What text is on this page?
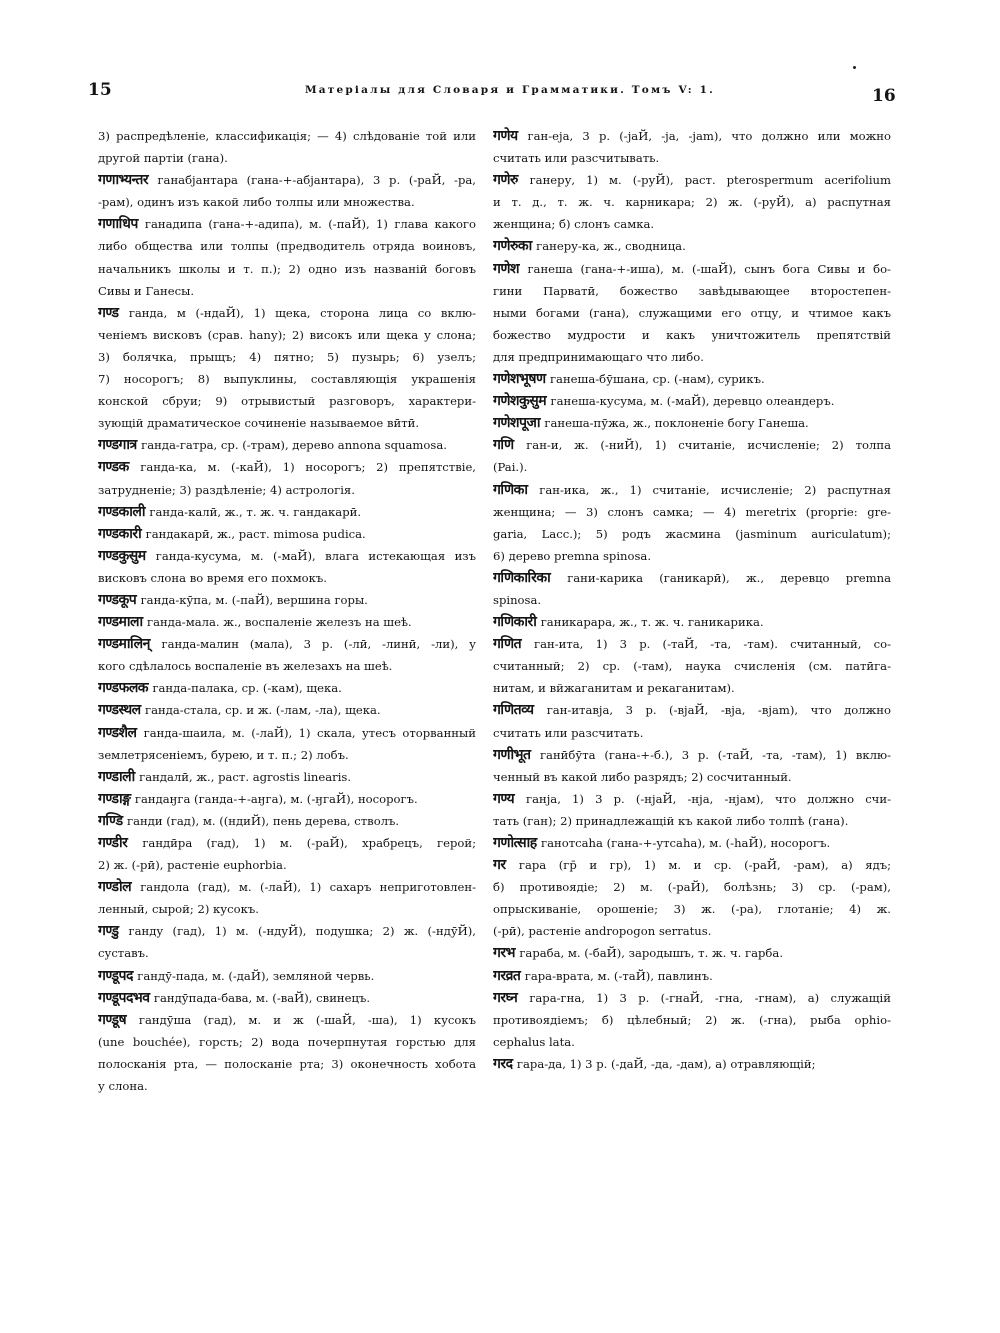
15	Матеріалы для Словаря и Грамматики. Томъ V: 1.	16
3) распредѣленіе, классификація; — 4) слѣдованіе той или
другой партіи (гана).
गणाभ्यन्तर ганабjантара (гана-+-абjантара), 3 р. (-раЙ, -ра,
-рам), одинъ изъ какой либо толпы или множества.
गणाधिप ганадипа (гана-+-адипа), м. (-паЙ), 1) глава какого
либо общества или толпы (предводитель отряда воиновъ,
начальникъ школы и т. п.); 2) одно изъ названій боговъ
Сивы и Ганесы.
गण्ड ганда, м (-ндаЙ), 1) щека, сторона лица со вклю-
ченіемъ висковъ (срав. hаnу); 2) високъ или щека у слона;
3) болячка, прыщъ; 4) пятно; 5) пузырь; 6) узелъ;
7) носорогъ; 8) выпуклины, составляющія украшенія
конской сбруи; 9) отрывистый разговоръ, характери-
зующій драматическое сочиненіе называемое вӣтӣ.
गण्डगात्र ганда-гатра, ср. (-трам), дерево annona squamosa.
गण्डक ганда-ка, м. (-каЙ), 1) носорогъ; 2) препятствіе,
затрудненіе; 3) раздѣленіе; 4) астрологія.
गण्डकाली ганда-калӣ, ж., т. ж. ч. гандакарӣ.
गण्डकारी гандакарӣ, ж., раст. mimosa pudica.
गण्डकुसुम ганда-кусума, м. (-маЙ), влага истекающая изъ
висковъ слона во время его похмокъ.
गण्डकूप ганда-кӯпа, м. (-паЙ), вершина горы.
गण्डमाला ганда-мала. ж., воспаленіе железъ на шеѣ.
गण्डमालिन् ганда-малин (мала), 3 р. (-лӣ, -линӣ, -ли), у
кого сдѣлалось воспаленіе въ железахъ на шеѣ.
गण्डफलक ганда-палака, ср. (-кам), щека.
गण्डस्थल ганда-стала, ср. и ж. (-лам, -ла), щека.
गण्डशैल ганда-шаила, м. (-лаЙ), 1) скала, утесъ оторванный
землетрясеніемъ, бурею, и т. п.; 2) лобъ.
गण्डाली гандалӣ, ж., раст. agrostis linearis.
गण्डाङ्ग гандаӈга (ганда-+-аӈга), м. (-ӈгаЙ), носорогъ.
गण्डि ганди (гад), м. ((ндиЙ), пень дерева, стволъ.
गण्डीर гандӣра (гад), 1) м. (-раЙ), храбрецъ, герой;
2) ж. (-рӣ), растеніе euphorbia.
गण्डोल гандола (гад), м. (-лаЙ), 1) сахаръ неприготовлен-
ленный, сырой; 2) кусокъ.
गण्डु ганду (гад), 1) м. (-ндуЙ), подушка; 2) ж. (-ндӯЙ),
суставъ.
गण्डूपद гандӯ-пада, м. (-даЙ), земляной червь.
गण्डूपदभव гандӯпада-бава, м. (-ваЙ), свинецъ.
गण्डूष гандӯша (гад), м. и ж (-шаЙ, -ша), 1) кусокъ
(une bouchée), горсть; 2) вода почерпнутая горстью для
полосканія рта, — полосканіе рта; 3) оконечность хобота
у слона.
गणेय ган-еja, 3 р. (-jaЙ, -ja, -jam), что должно или можно
считать или разсчитывать.
गणेरु ганеру, 1) м. (-руЙ), раст. pterospermum acerifolium
и т. д., т. ж. ч. карникара; 2) ж. (-руЙ), а) распутная
женщина; б) слонъ самка.
गणेरुका ганеру-ка, ж., сводница.
गणेश ганеша (гана-+-иша), м. (-шаЙ), сынъ бога Сивы и бо-
гини Парватӣ, божество завѣдывающее второстепен-
ными богами (гана), служащими его отцу, и чтимое какъ
божество мудрости и какъ уничтожитель препятствій
для предпринимающаго что либо.
गणेशभूषण ганеша-бӯшана, ср. (-нам), сурикъ.
गणेशकुसुम ганеша-кусума, м. (-маЙ), деревцо олеандеръ.
गणेशपूजा ганеша-пӯжа, ж., поклоненіе богу Ганеша.
गणि ган-и, ж. (-ниЙ), 1) считаніе, исчисленіе; 2) толпа
(Paі.).
गणिका ган-ика, ж., 1) считаніе, исчисленіе; 2) распутная
женщина; — 3) слонъ самка; — 4) meretrix (proprie: gre-
garia, Lacc.); 5) родъ жасмина (jasminum auriculatum);
6) дерево premna spinosa.
गणिकारिका гани-карика (ганикарӣ), ж., деревцо premna
spinosa.
गणिकारी ганикарара, ж., т. ж. ч. ганикарика.
गणित ган-ита, 1) 3 р. (-таЙ, -та, -там). считанный, со-
считанный; 2) ср. (-там), наука счисленія (см. патӣга-
нитам, и вйжаганитам и рекаганитам).
गणितव्य ган-итавjа, 3 р. (-вjaЙ, -вja, -вjam), что должно
считать или разсчитать.
गणीभूत ганӣбӯта (гана-+-б.), 3 р. (-таЙ, -та, -там), 1) вклю-
ченный въ какой либо разрядъ; 2) сосчитанный.
गण्य ганjа, 1) 3 р. (-нjaЙ, -нjа, -нjам), что должно счи-
тать (ган); 2) принадлежащій къ какой либо толпѣ (гана).
गणोत्साह ганотсаһа (гана-+-утсаһа), м. (-һаЙ), носорогъ.
गर гара (гр̄ и гр), 1) м. и ср. (-раЙ, -рам), а) ядъ;
б) противоядіе; 2) м. (-раЙ), болѣзнь; 3) ср. (-рам),
опрыскиваніе, орошеніе; 3) ж. (-ра), глотаніе; 4) ж.
(-рӣ), растеніе andropogon serratus.
गरभ гараба, м. (-баЙ), зародышъ, т. ж. ч. гарба.
गरव्रत гара-врата, м. (-таЙ), павлинъ.
गरघ्न гара-гна, 1) 3 р. (-гнаЙ, -гна, -гнам), а) служащій
противоядіемъ; б) цѣлебный; 2) ж. (-гна), рыба ophio-
cephalus lata.
गरद гара-да, 1) 3 р. (-даЙ, -да, -дам), а) отравляющій;
